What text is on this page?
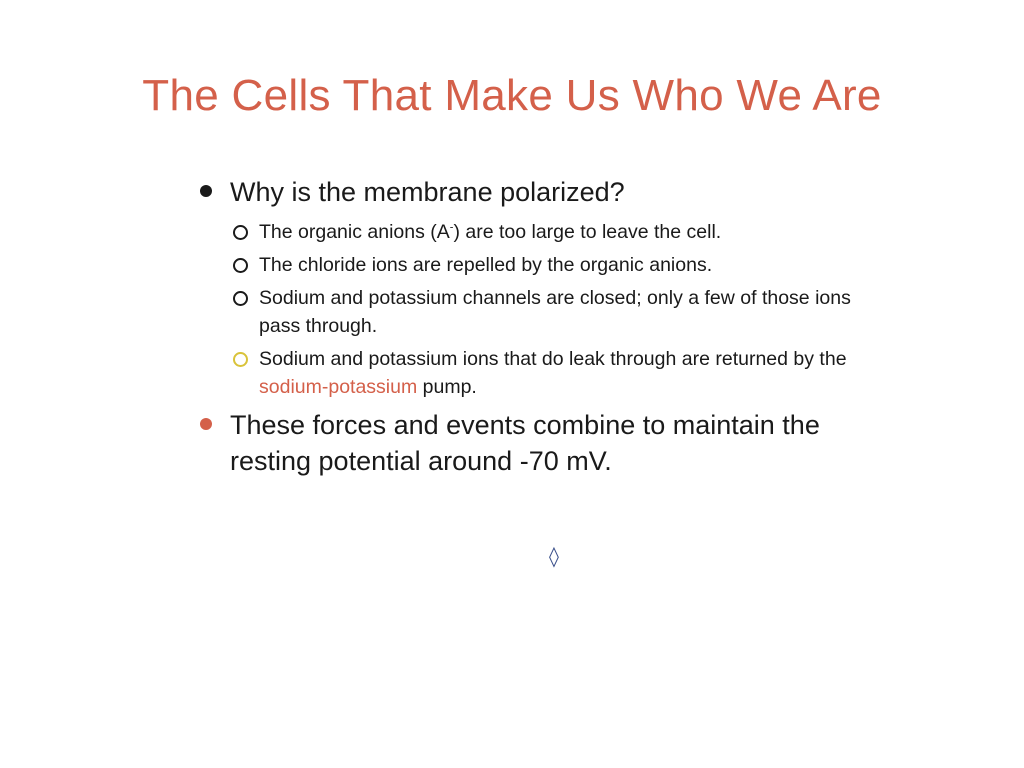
The Cells That Make Us Who We Are
Why is the membrane polarized?
The organic anions (A-) are too large to leave the cell.
The chloride ions are repelled by the organic anions.
Sodium and potassium channels are closed; only a few of those ions pass through.
Sodium and potassium ions that do leak through are returned by the sodium-potassium pump.
These forces and events combine to maintain the resting potential around -70 mV.
◊
